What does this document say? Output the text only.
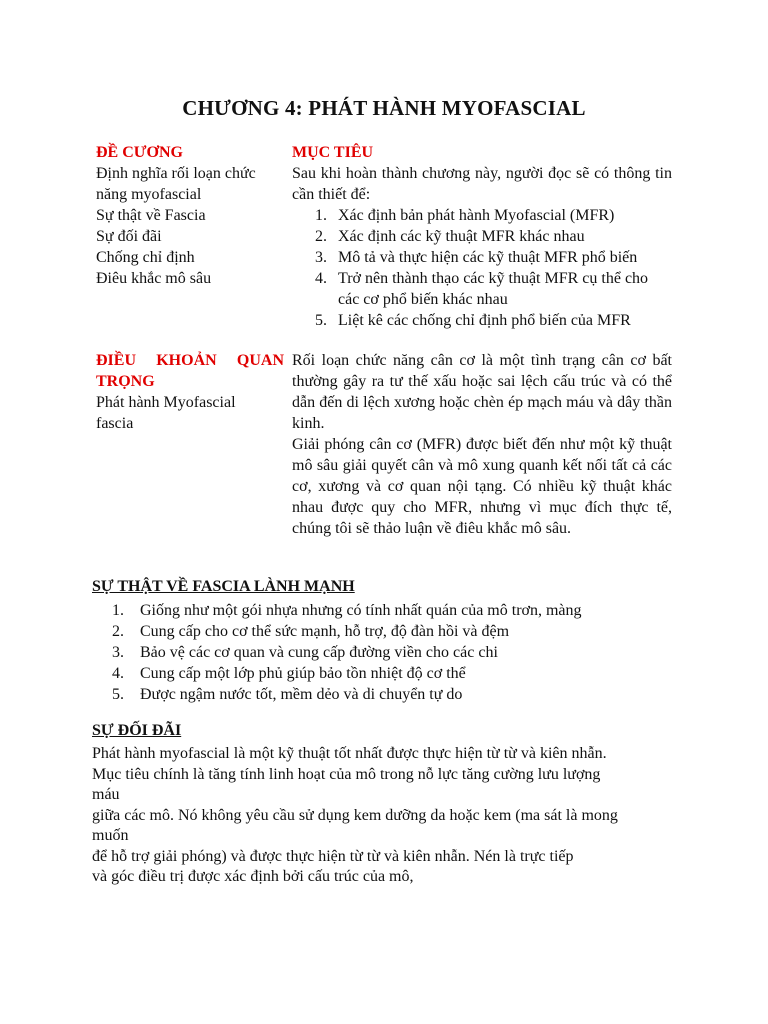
CHƯƠNG 4: PHÁT HÀNH MYOFASCIAL
ĐỀ CƯƠNG
Định nghĩa rối loạn chức
năng myofascial
Sự thật về Fascia
Sự đối đãi
Chống chỉ định
Điêu khắc mô sâu
MỤC TIÊU
Sau khi hoàn thành chương này, người đọc sẽ có thông tin cần thiết để:
1. Xác định bản phát hành Myofascial (MFR)
2. Xác định các kỹ thuật MFR khác nhau
3. Mô tả và thực hiện các kỹ thuật MFR phổ biến
4. Trở nên thành thạo các kỹ thuật MFR cụ thể cho các cơ phổ biến khác nhau
5. Liệt kê các chống chỉ định phổ biến của MFR
ĐIỀU KHOẢN QUAN TRỌNG
Phát hành Myofascial
fascia
Rối loạn chức năng cân cơ là một tình trạng cân cơ bất thường gây ra tư thế xấu hoặc sai lệch cấu trúc và có thể dẫn đến di lệch xương hoặc chèn ép mạch máu và dây thần kinh.
Giải phóng cân cơ (MFR) được biết đến như một kỹ thuật mô sâu giải quyết cân và mô xung quanh kết nối tất cả các cơ, xương và cơ quan nội tạng. Có nhiều kỹ thuật khác nhau được quy cho MFR, nhưng vì mục đích thực tế, chúng tôi sẽ thảo luận về điêu khắc mô sâu.
SỰ THẬT VỀ FASCIA LÀNH MẠNH
1.	Giống như một gói nhựa nhưng có tính nhất quán của mô trơn, màng
2.	Cung cấp cho cơ thể sức mạnh, hỗ trợ, độ đàn hồi và đệm
3.	Bảo vệ các cơ quan và cung cấp đường viền cho các chi
4.	Cung cấp một lớp phủ giúp bảo tồn nhiệt độ cơ thể
5.	Được ngậm nước tốt, mềm dẻo và di chuyển tự do
SỰ ĐỐI ĐÃI
Phát hành myofascial là một kỹ thuật tốt nhất được thực hiện từ từ và kiên nhẫn.
Mục tiêu chính là tăng tính linh hoạt của mô trong nỗ lực tăng cường lưu lượng
máu
giữa các mô. Nó không yêu cầu sử dụng kem dưỡng da hoặc kem (ma sát là mong
muốn
để hỗ trợ giải phóng) và được thực hiện từ từ và kiên nhẫn. Nén là trực tiếp
và góc điều trị được xác định bởi cấu trúc của mô,
